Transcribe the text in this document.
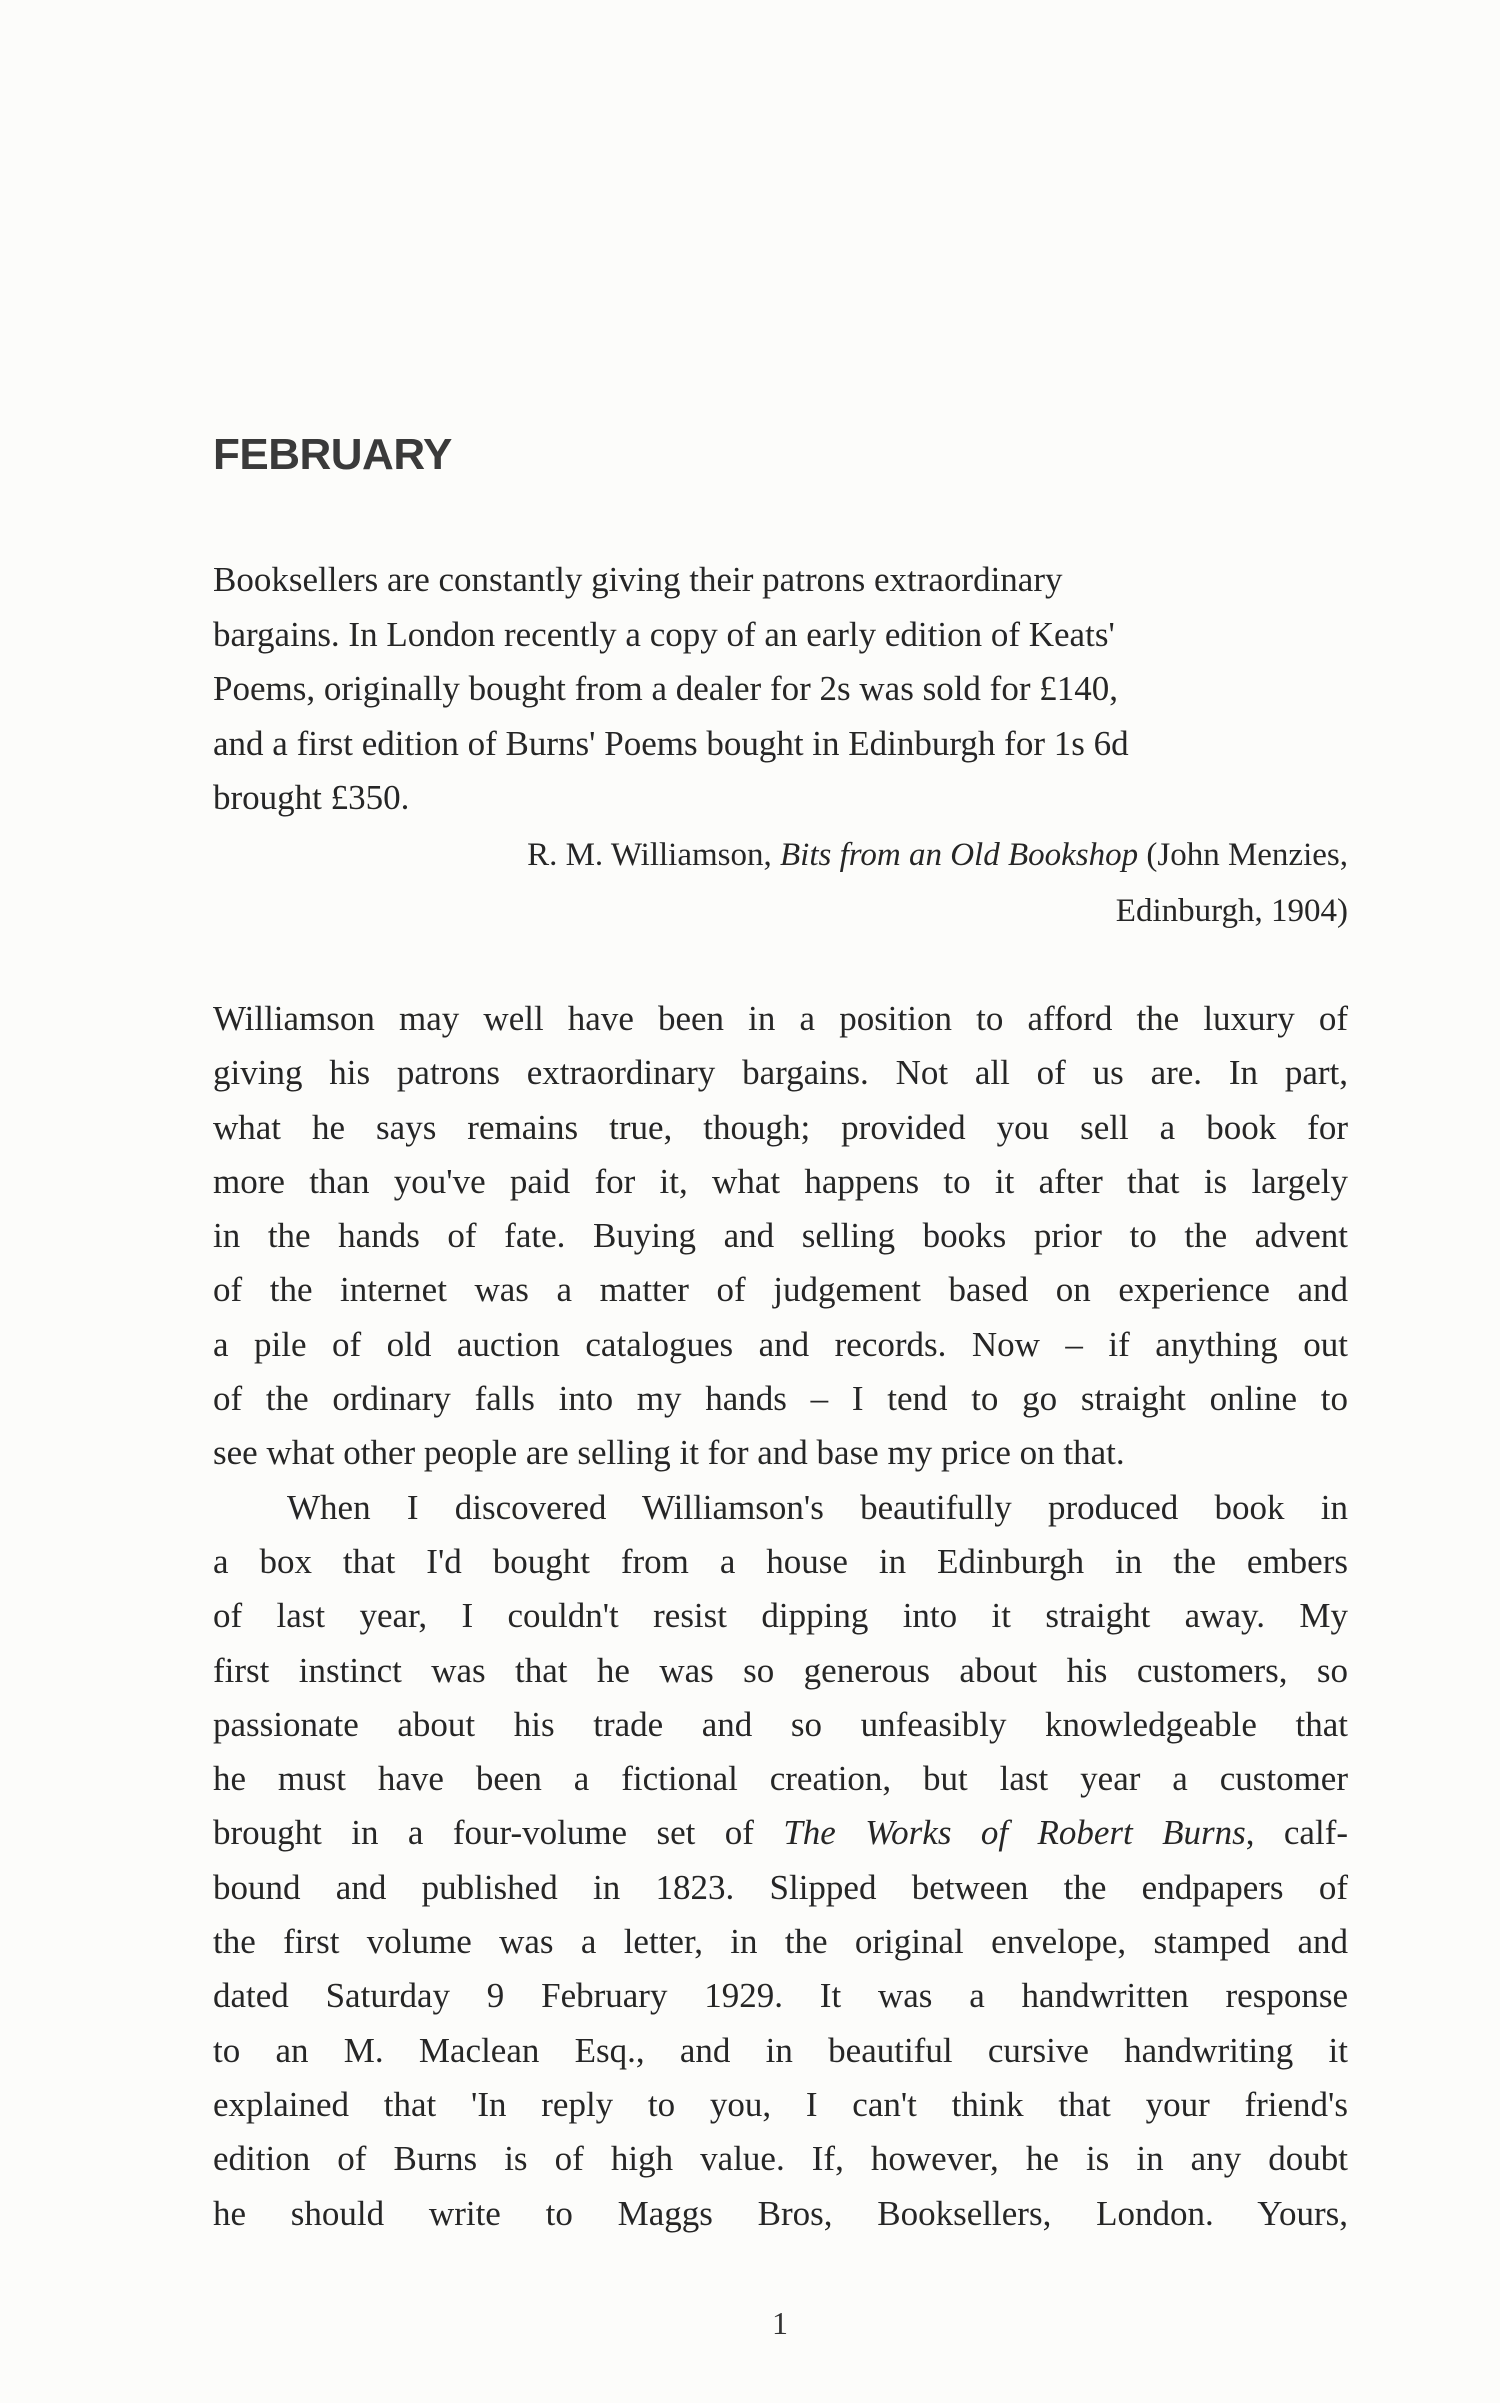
FEBRUARY

Booksellers are constantly giving their patrons extraordinary

bargains. In London recently a copy of an early edition of Keats'

Poems, originally bought from a dealer for 2s was sold for £140,

and a first edition of Burns' Poems bought in Edinburgh for 1s 6d

brought £350.

R. M. Williamson, Bits from an Old Bookshop (John Menzies,
Edinburgh, 1904)
Williamson may well have been in a position to afford the luxury of
giving his patrons extraordinary bargains. Not all of us are. In part,
what he says remains true, though; provided you sell a book for
more than you've paid for it, what happens to it after that is largely
in the hands of fate. Buying and selling books prior to the advent
of the internet was a matter of judgement based on experience and
a pile of old auction catalogues and records. Now – if anything out
of the ordinary falls into my hands – I tend to go straight online to
see what other people are selling it for and base my price on that.
When I discovered Williamson's beautifully produced book in
a box that I'd bought from a house in Edinburgh in the embers
of last year, I couldn't resist dipping into it straight away. My
first instinct was that he was so generous about his customers, so
passionate about his trade and so unfeasibly knowledgeable that
he must have been a fictional creation, but last year a customer
brought in a four-volume set of The Works of Robert Burns, calf-
bound and published in 1823. Slipped between the endpapers of
the first volume was a letter, in the original envelope, stamped and
dated Saturday 9 February 1929. It was a handwritten response
to an M. Maclean Esq., and in beautiful cursive handwriting it
explained that 'In reply to you, I can't think that your friend's
edition of Burns is of high value. If, however, he is in any doubt
he should write to Maggs Bros, Booksellers, London. Yours,
1
